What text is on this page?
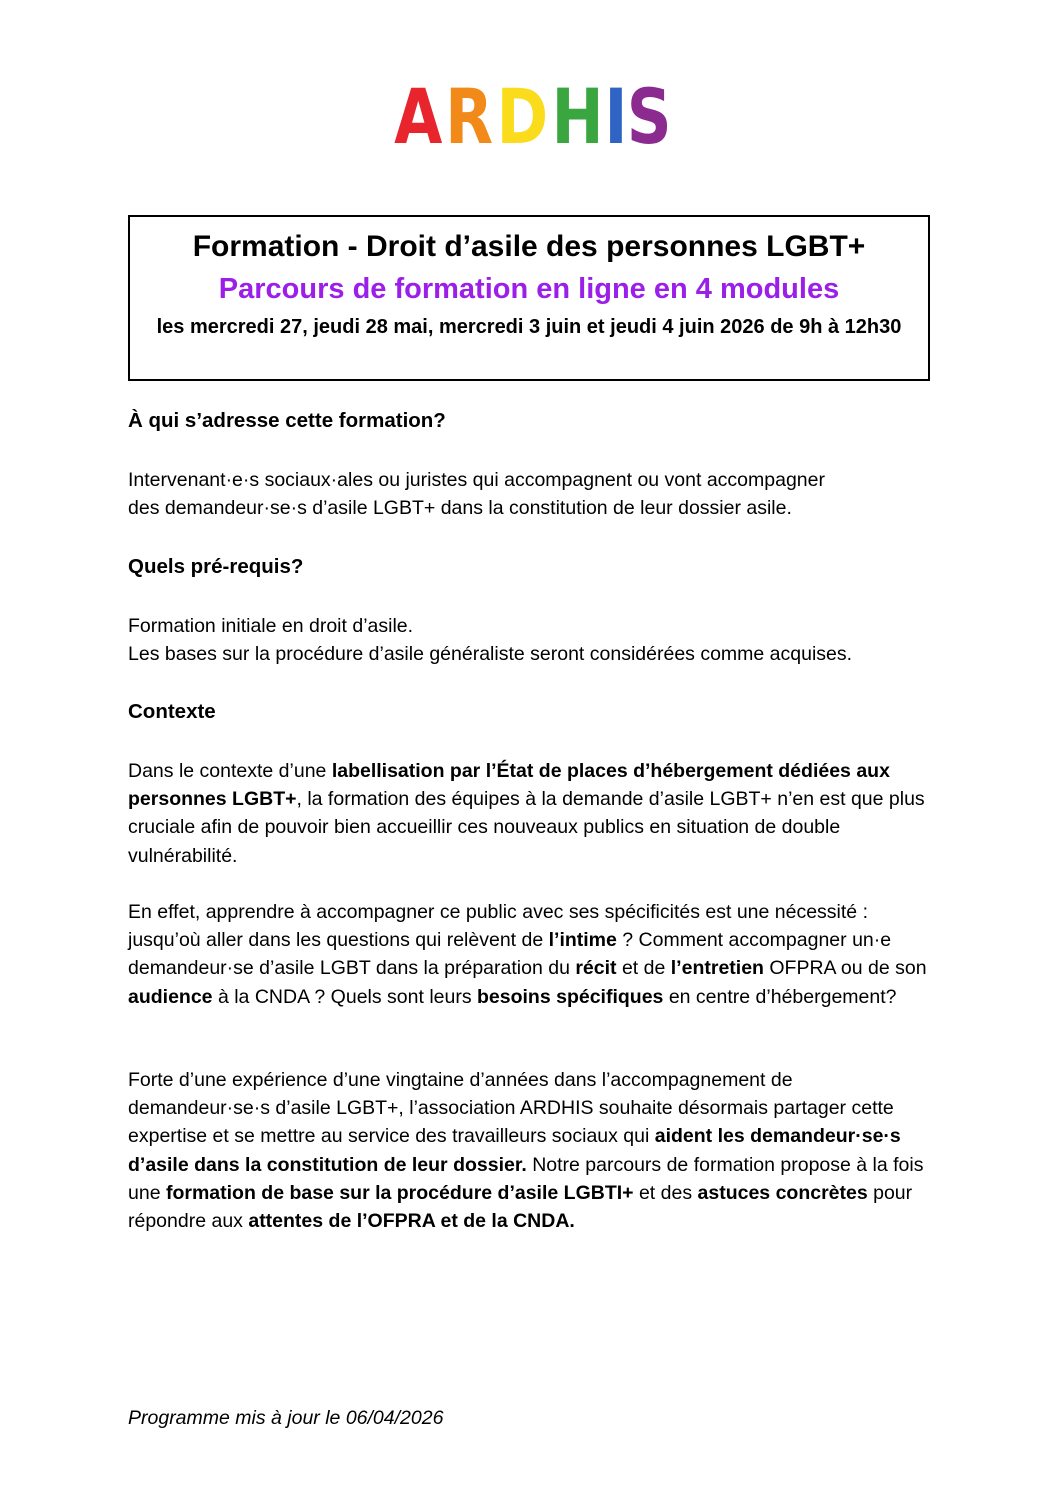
A R D H I S
Formation - Droit d’asile des personnes LGBT+
Parcours de formation en ligne en 4 modules
les mercredi 27, jeudi 28 mai, mercredi 3 juin et jeudi 4 juin 2026 de 9h à 12h30
À qui s’adresse cette formation?
Intervenant·e·s sociaux·ales ou juristes qui accompagnent ou vont accompagner
des demandeur·se·s d’asile LGBT+ dans la constitution de leur dossier asile.
Quels pré-requis?
Formation initiale en droit d’asile.
Les bases sur la procédure d’asile généraliste seront considérées comme acquises.
Contexte
Dans le contexte d’une labellisation par l’État de places d’hébergement dédiées aux personnes LGBT+, la formation des équipes à la demande d’asile LGBT+ n’en est que plus cruciale afin de pouvoir bien accueillir ces nouveaux publics en situation de double vulnérabilité.
En effet, apprendre à accompagner ce public avec ses spécificités est une nécessité : jusqu’où aller dans les questions qui relèvent de l’intime ? Comment accompagner un·e demandeur·se d’asile LGBT dans la préparation du récit et de l’entretien OFPRA ou de son audience à la CNDA ? Quels sont leurs besoins spécifiques en centre d’hébergement?
Forte d’une expérience d’une vingtaine d’années dans l’accompagnement de demandeur·se·s d’asile LGBT+, l’association ARDHIS souhaite désormais partager cette expertise et se mettre au service des travailleurs sociaux qui aident les demandeur·se·s d’asile dans la constitution de leur dossier. Notre parcours de formation propose à la fois une formation de base sur la procédure d’asile LGBTI+ et des astuces concrètes pour répondre aux attentes de l’OFPRA et de la CNDA.
Programme mis à jour le 06/04/2026
